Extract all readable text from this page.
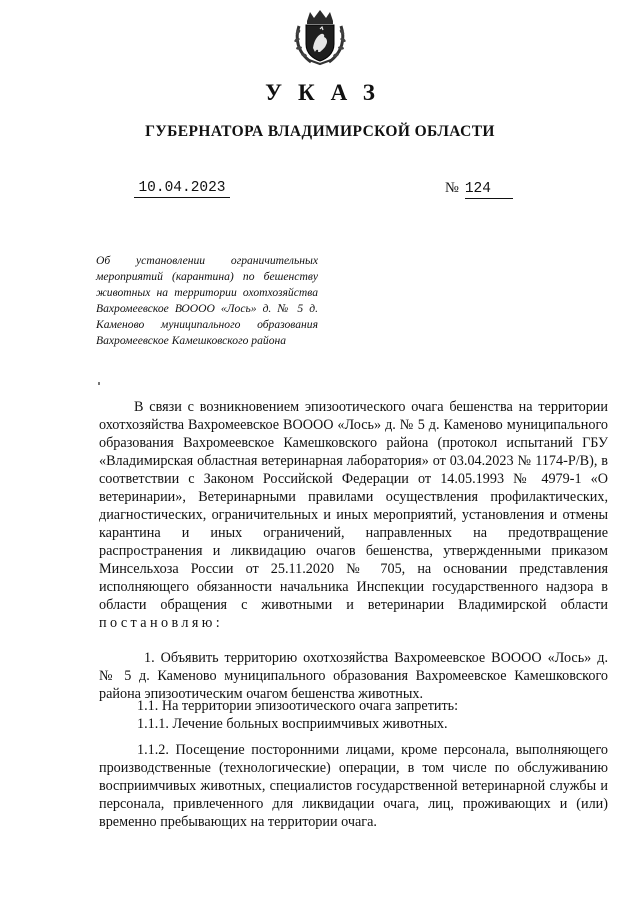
УКАЗ
ГУБЕРНАТОРА ВЛАДИМИРСКОЙ ОБЛАСТИ
10.04.2023	№ 124

Об установлении ограничительных мероприятий (карантина) по бешенству животных на территории охотхозяйства Вахромеевское ВОООО «Лось» д. № 5 д. Каменово муниципального образования Вахромеевское Камешковского района

В связи с возникновением эпизоотического очага бешенства на территории охотхозяйства Вахромеевское ВОООО «Лось» д. № 5 д. Каменово муниципального образования Вахромеевское Камешковского района (протокол испытаний ГБУ «Владимирская областная ветеринарная лаборатория» от 03.04.2023 № 1174-Р/В), в соответствии с Законом Российской Федерации от 14.05.1993 № 4979-1 «О ветеринарии», Ветеринарными правилами осуществления профилактических, диагностических, ограничительных и иных мероприятий, установления и отмены карантина и иных ограничений, направленных на предотвращение распространения и ликвидацию очагов бешенства, утвержденными приказом Минсельхоза России от 25.11.2020 № 705, на основании представления исполняющего обязанности начальника Инспекции государственного надзора в области обращения с животными и ветеринарии Владимирской области постановляю:

1. Объявить территорию охотхозяйства Вахромеевское ВОООО «Лось» д. № 5 д. Каменово муниципального образования Вахромеевское Камешковского района эпизоотическим очагом бешенства животных.

1.1. На территории эпизоотического очага запретить:

1.1.1. Лечение больных восприимчивых животных.

1.1.2. Посещение посторонними лицами, кроме персонала, выполняющего производственные (технологические) операции, в том числе по обслуживанию восприимчивых животных, специалистов государственной ветеринарной службы и персонала, привлеченного для ликвидации очага, лиц, проживающих и (или) временно пребывающих на территории очага.
